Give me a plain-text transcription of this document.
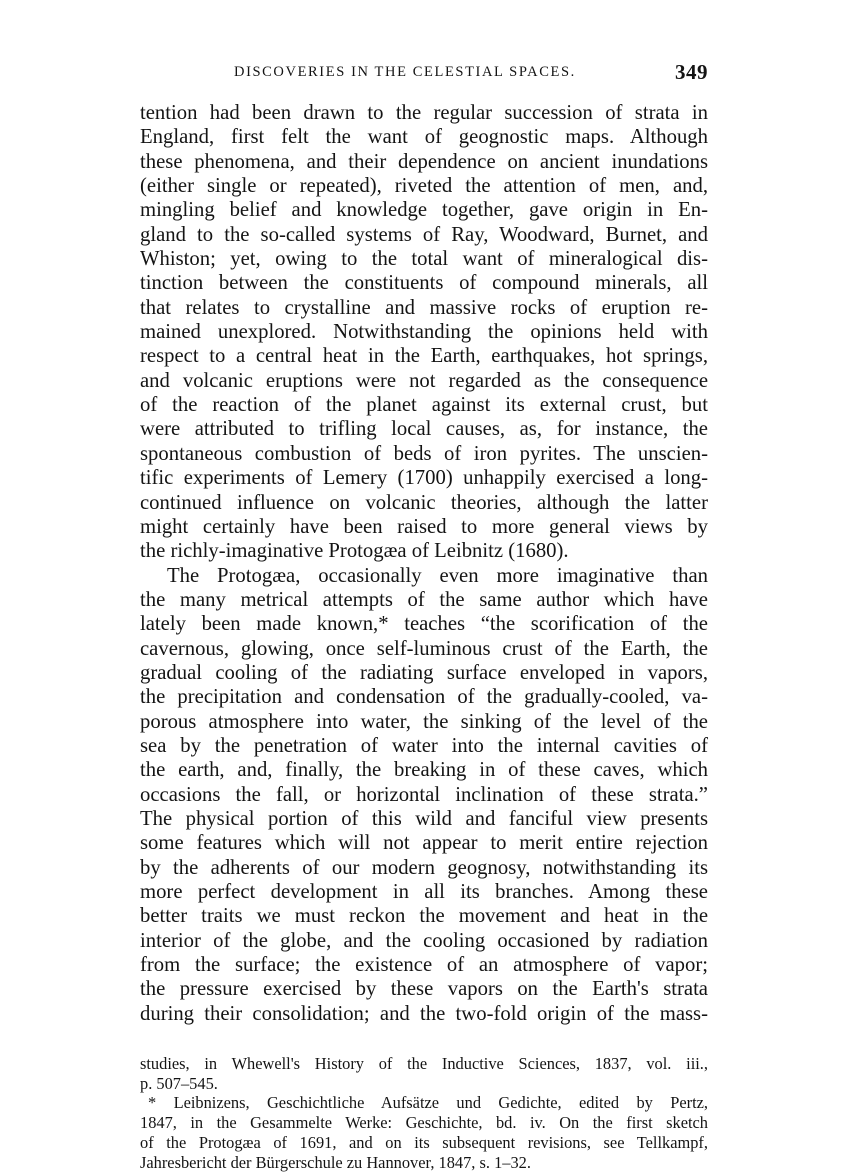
DISCOVERIES IN THE CELESTIAL SPACES.	349
tention had been drawn to the regular succession of strata in
England, first felt the want of geognostic maps. Although
these phenomena, and their dependence on ancient inundations
(either single or repeated), riveted the attention of men, and,
mingling belief and knowledge together, gave origin in En-
gland to the so-called systems of Ray, Woodward, Burnet, and
Whiston; yet, owing to the total want of mineralogical dis-
tinction between the constituents of compound minerals, all
that relates to crystalline and massive rocks of eruption re-
mained unexplored. Notwithstanding the opinions held with
respect to a central heat in the Earth, earthquakes, hot springs,
and volcanic eruptions were not regarded as the consequence
of the reaction of the planet against its external crust, but
were attributed to trifling local causes, as, for instance, the
spontaneous combustion of beds of iron pyrites. The unscien-
tific experiments of Lemery (1700) unhappily exercised a long-
continued influence on volcanic theories, although the latter
might certainly have been raised to more general views by
the richly-imaginative Protogæa of Leibnitz (1680).
The Protogæa, occasionally even more imaginative than
the many metrical attempts of the same author which have
lately been made known,* teaches “the scorification of the
cavernous, glowing, once self-luminous crust of the Earth, the
gradual cooling of the radiating surface enveloped in vapors,
the precipitation and condensation of the gradually-cooled, va-
porous atmosphere into water, the sinking of the level of the
sea by the penetration of water into the internal cavities of
the earth, and, finally, the breaking in of these caves, which
occasions the fall, or horizontal inclination of these strata.”
The physical portion of this wild and fanciful view presents
some features which will not appear to merit entire rejection
by the adherents of our modern geognosy, notwithstanding its
more perfect development in all its branches. Among these
better traits we must reckon the movement and heat in the
interior of the globe, and the cooling occasioned by radiation
from the surface; the existence of an atmosphere of vapor;
the pressure exercised by these vapors on the Earth's strata
during their consolidation; and the two-fold origin of the mass-
studies, in Whewell's History of the Inductive Sciences, 1837, vol. iii.,
p. 507–545.
* Leibnizens, Geschichtliche Aufsätze und Gedichte, edited by Pertz,
1847, in the Gesammelte Werke: Geschichte, bd. iv. On the first sketch
of the Protogæa of 1691, and on its subsequent revisions, see Tellkampf,
Jahresbericht der Bürgerschule zu Hannover, 1847, s. 1–32.
